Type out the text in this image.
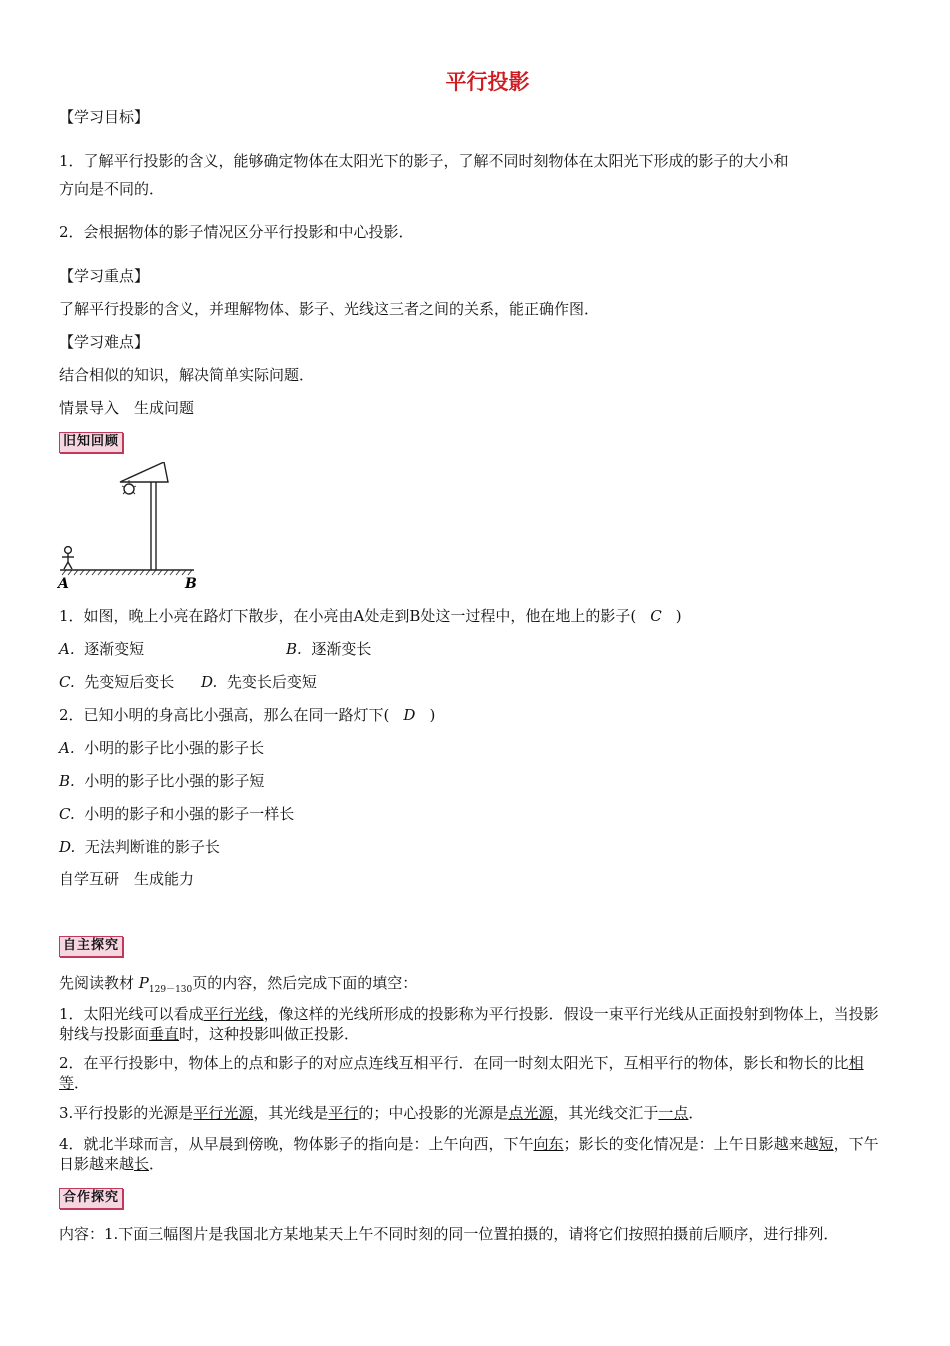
平行投影
【学习目标】
1．了解平行投影的含义，能够确定物体在太阳光下的影子，了解不同时刻物体在太阳光下形成的影子的大小和
方向是不同的．
2．会根据物体的影子情况区分平行投影和中心投影．
【学习重点】
了解平行投影的含义，并理解物体、影子、光线这三者之间的关系，能正确作图．
【学习难点】
结合相似的知识，解决简单实际问题．
情景导入　生成问题
旧知回顾
A	B
1．如图，晚上小亮在路灯下散步，在小亮由A处走到B处这一过程中，他在地上的影子( C )
A. 逐渐变短	B. 逐渐变长
C. 先变短后变长 D. 先变长后变短
2．已知小明的身高比小强高，那么在同一路灯下( D )
A. 小明的影子比小强的影子长
B. 小明的影子比小强的影子短
C. 小明的影子和小强的影子一样长
D. 无法判断谁的影子长
自学互研　生成能力
自主探究
先阅读教材 $P_{129-130}$页的内容，然后完成下面的填空：
1．太阳光线可以看成平行光线，像这样的光线所形成的投影称为平行投影．假设一束平行光线从正面投射到物体上，当投影射线与投影面垂直时，这种投影叫做正投影．
2．在平行投影中，物体上的点和影子的对应点连线互相平行．在同一时刻太阳光下，互相平行的物体，影长和物长的比相等．
3.平行投影的光源是平行光源，其光线是平行的；中心投影的光源是点光源，其光线交汇于一点．
4．就北半球而言，从早晨到傍晚，物体影子的指向是：上午向西，下午向东；影长的变化情况是：上午日影越来越短，下午日影越来越长．
合作探究
内容：1.下面三幅图片是我国北方某地某天上午不同时刻的同一位置拍摄的，请将它们按照拍摄前后顺序，进行排列．
